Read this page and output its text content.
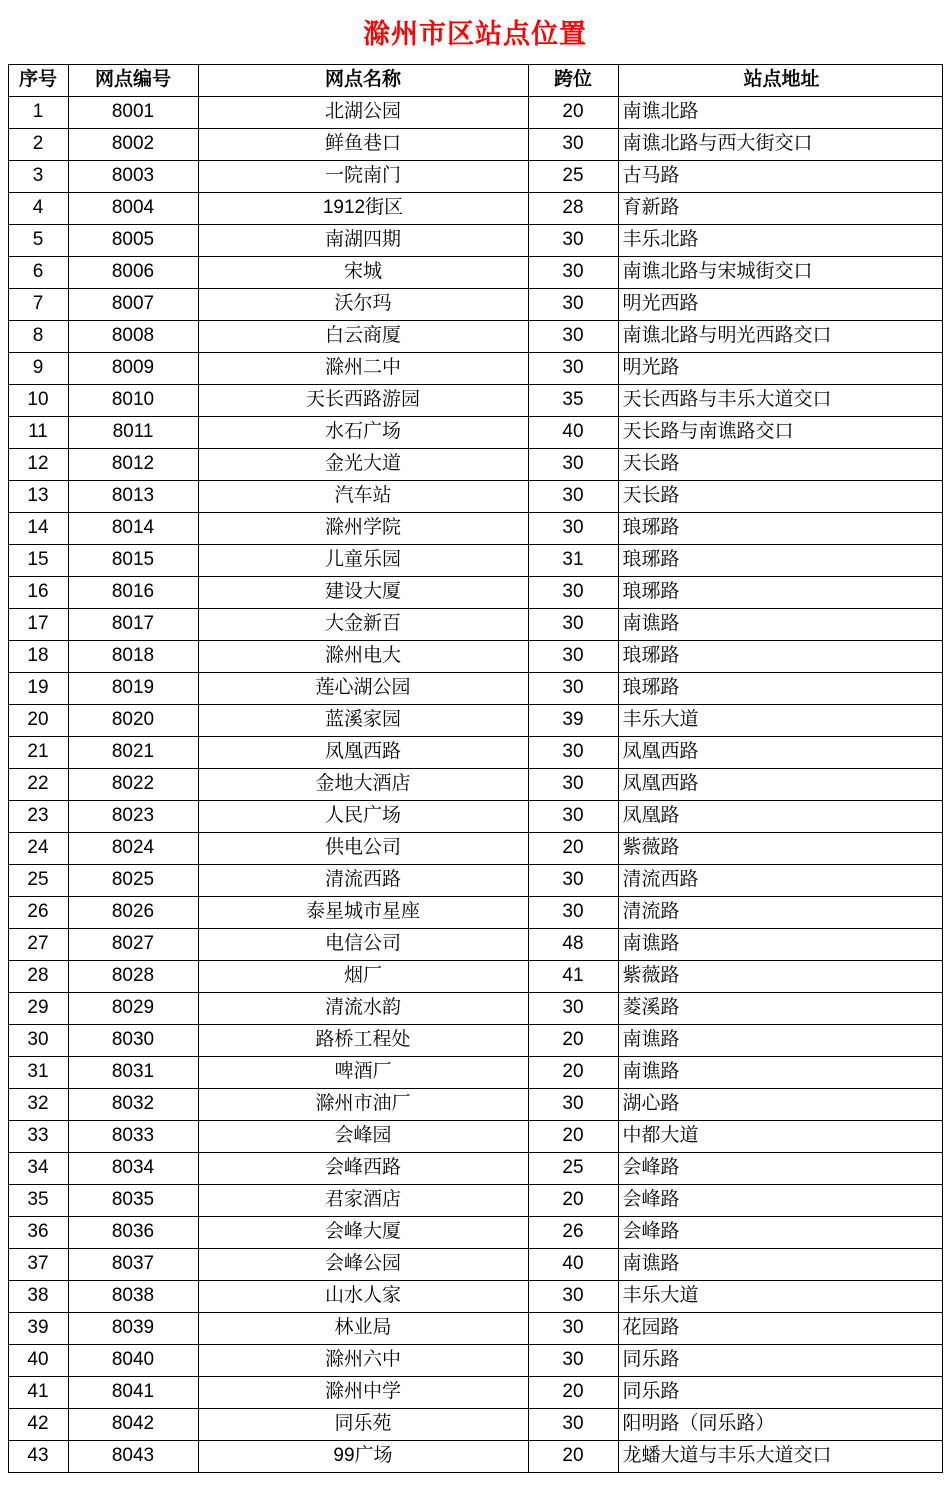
滁州市区站点位置
序号	网点编号	网点名称	跨位	站点地址
1	8001	北湖公园	20	南谯北路
2	8002	鲜鱼巷口	30	南谯北路与西大街交口
3	8003	一院南门	25	古马路
4	8004	1912街区	28	育新路
5	8005	南湖四期	30	丰乐北路
6	8006	宋城	30	南谯北路与宋城街交口
7	8007	沃尔玛	30	明光西路
8	8008	白云商厦	30	南谯北路与明光西路交口
9	8009	滁州二中	30	明光路
10	8010	天长西路游园	35	天长西路与丰乐大道交口
11	8011	水石广场	40	天长路与南谯路交口
12	8012	金光大道	30	天长路
13	8013	汽车站	30	天长路
14	8014	滁州学院	30	琅琊路
15	8015	儿童乐园	31	琅琊路
16	8016	建设大厦	30	琅琊路
17	8017	大金新百	30	南谯路
18	8018	滁州电大	30	琅琊路
19	8019	莲心湖公园	30	琅琊路
20	8020	蓝溪家园	39	丰乐大道
21	8021	凤凰西路	30	凤凰西路
22	8022	金地大酒店	30	凤凰西路
23	8023	人民广场	30	凤凰路
24	8024	供电公司	20	紫薇路
25	8025	清流西路	30	清流西路
26	8026	泰星城市星座	30	清流路
27	8027	电信公司	48	南谯路
28	8028	烟厂	41	紫薇路
29	8029	清流水韵	30	菱溪路
30	8030	路桥工程处	20	南谯路
31	8031	啤酒厂	20	南谯路
32	8032	滁州市油厂	30	湖心路
33	8033	会峰园	20	中都大道
34	8034	会峰西路	25	会峰路
35	8035	君家酒店	20	会峰路
36	8036	会峰大厦	26	会峰路
37	8037	会峰公园	40	南谯路
38	8038	山水人家	30	丰乐大道
39	8039	林业局	30	花园路
40	8040	滁州六中	30	同乐路
41	8041	滁州中学	20	同乐路
42	8042	同乐苑	30	阳明路（同乐路）
43	8043	99广场	20	龙蟠大道与丰乐大道交口
